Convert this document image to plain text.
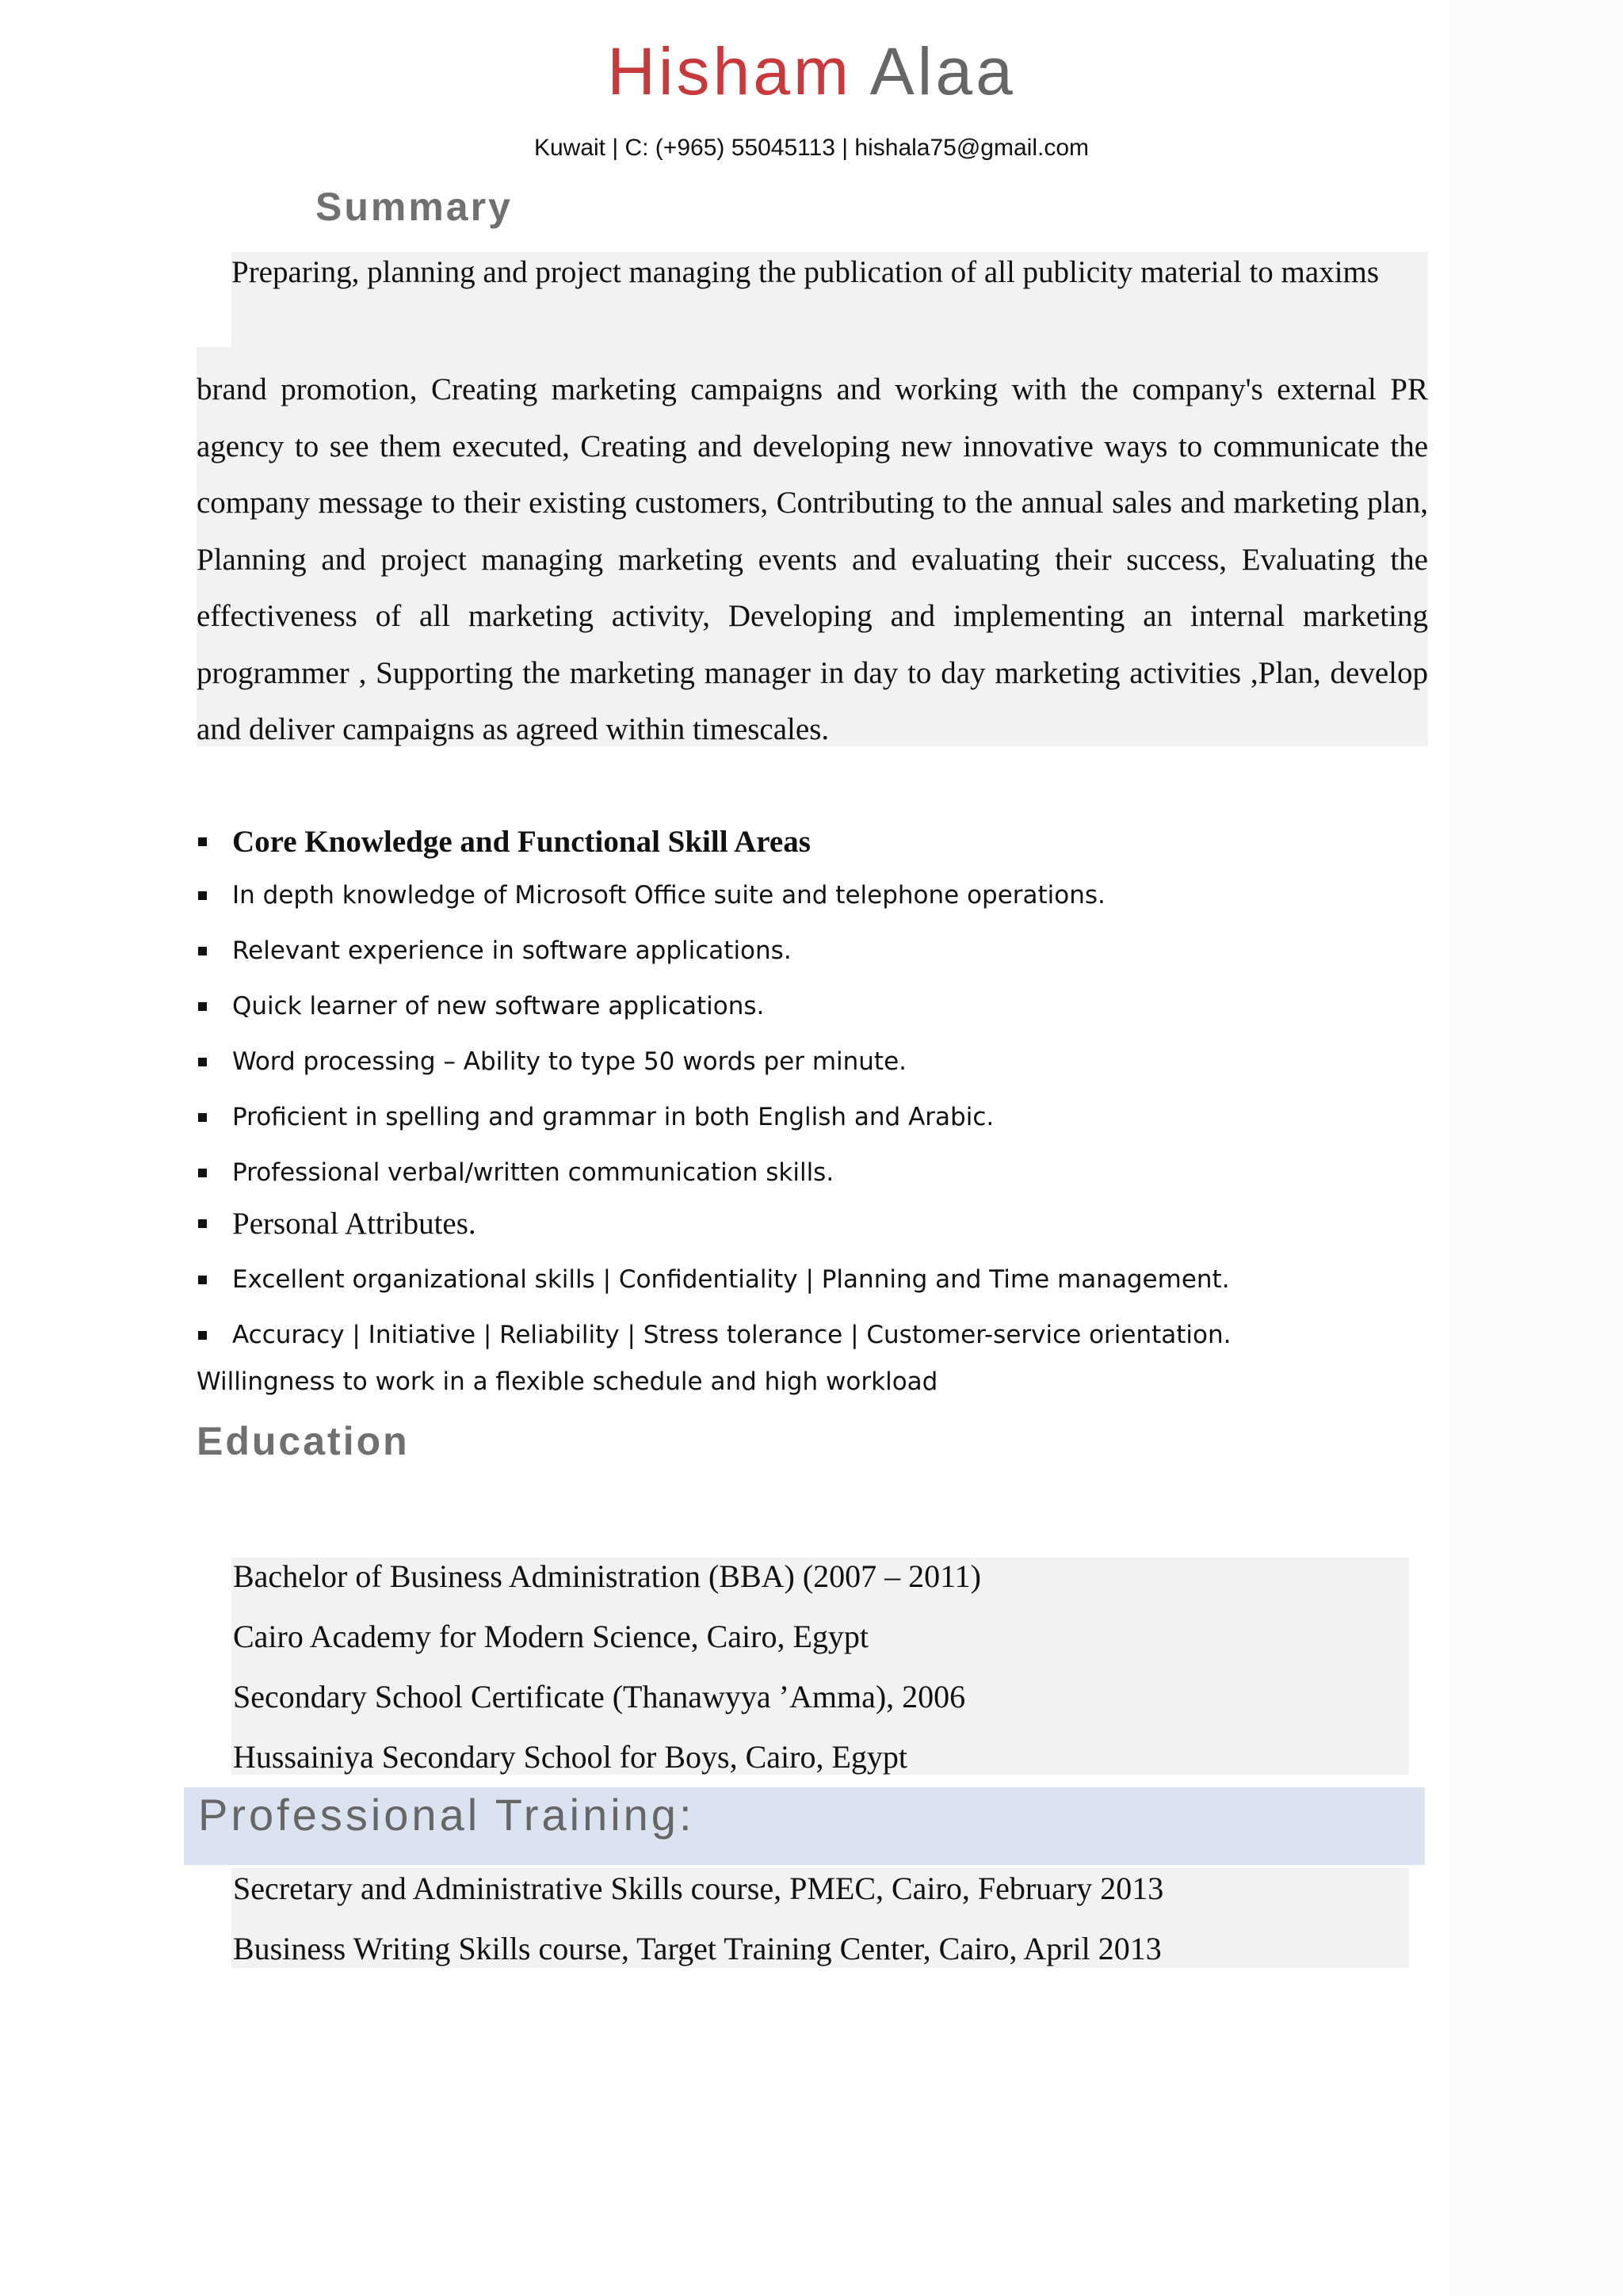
Hisham Alaa
Kuwait | C: (+965) 55045113 | hishala75@gmail.com
Summary
Preparing, planning and project managing the publication of all publicity material to maxims
brand promotion, Creating marketing campaigns and working with the company's external PR agency to see them executed, Creating and developing new innovative ways to communicate the company message to their existing customers, Contributing to the annual sales and marketing plan, Planning and project managing marketing events and evaluating their success, Evaluating the effectiveness of all marketing activity, Developing and implementing an internal marketing programmer , Supporting the marketing manager in day to day marketing activities ,Plan, develop and deliver campaigns as agreed within timescales.
Core Knowledge and Functional Skill Areas
In depth knowledge of Microsoft Office suite and telephone operations.
Relevant experience in software applications.
Quick learner of new software applications.
Word processing – Ability to type 50 words per minute.
Proficient in spelling and grammar in both English and Arabic.
Professional verbal/written communication skills.
Personal Attributes.
Excellent organizational skills | Confidentiality | Planning and Time management.
Accuracy | Initiative | Reliability | Stress tolerance | Customer-service orientation.
Willingness to work in a flexible schedule and high workload
Education
Bachelor of Business Administration (BBA) (2007 – 2011)
Cairo Academy for Modern Science, Cairo, Egypt
Secondary School Certificate (Thanawyya ’Amma), 2006
Hussainiya Secondary School for Boys, Cairo, Egypt
Professional Training:
Secretary and Administrative Skills course, PMEC, Cairo, February 2013
Business Writing Skills course, Target Training Center, Cairo, April 2013
